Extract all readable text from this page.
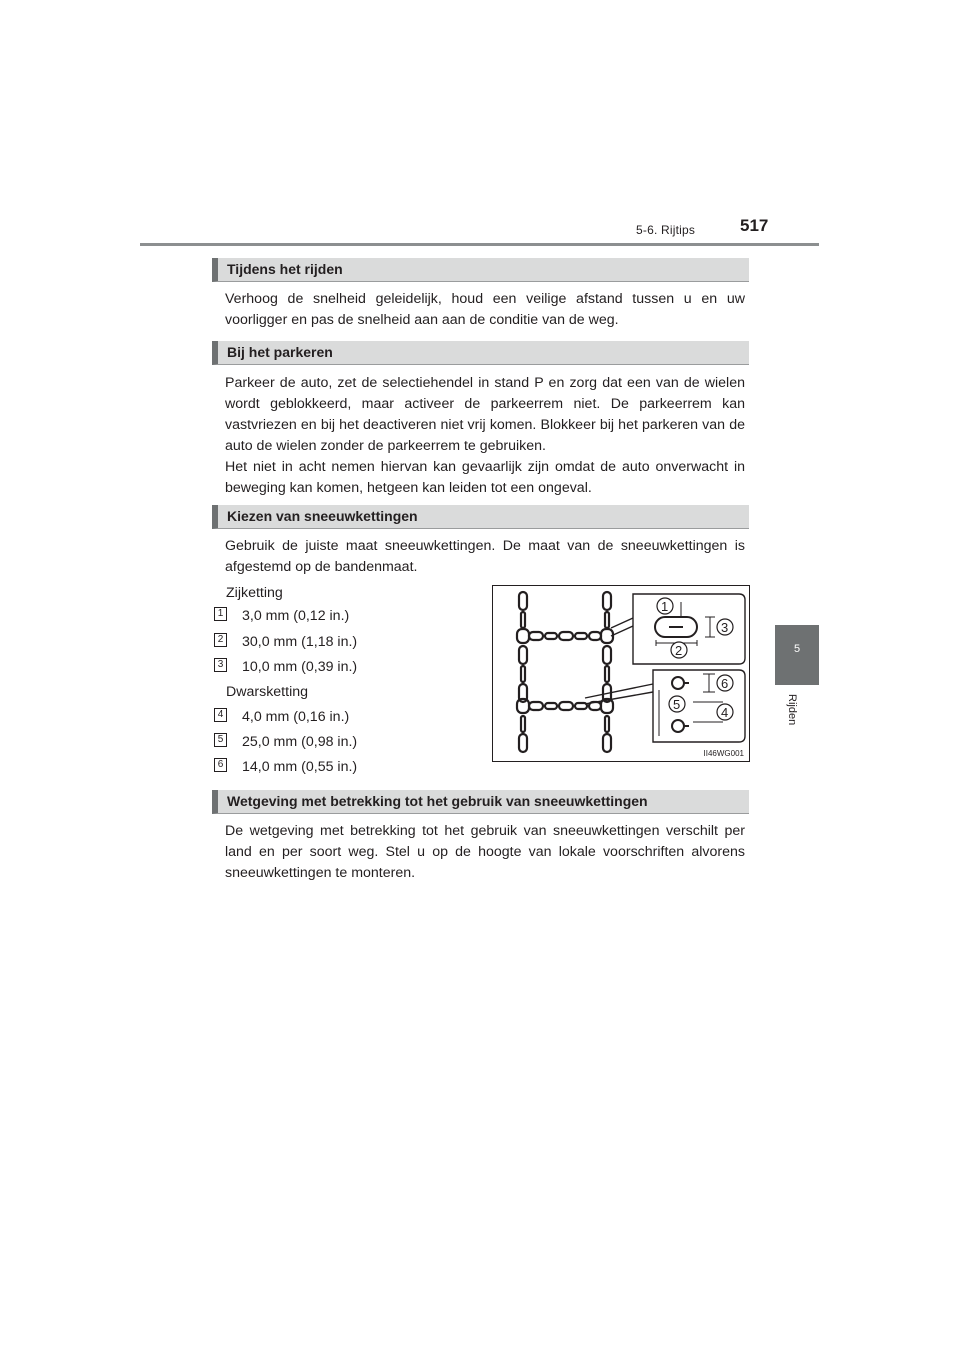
517
5-6. Rijtips
5
Rijden
Tijdens het rijden

Verhoog de snelheid geleidelijk, houd een veilige afstand tussen u en uw voorligger en pas de snelheid aan aan de conditie van de weg.

Bij het parkeren

Parkeer de auto, zet de selectiehendel in stand P en zorg dat een van de wielen wordt geblokkeerd, maar activeer de parkeerrem niet. De parkeerrem kan vastvriezen en bij het deactiveren niet vrij komen. Blokkeer bij het parkeren van de auto de wielen zonder de parkeerrem te gebruiken.

Het niet in acht nemen hiervan kan gevaarlijk zijn omdat de auto onverwacht in beweging kan komen, hetgeen kan leiden tot een ongeval.

Kiezen van sneeuwkettingen

Gebruik de juiste maat sneeuwkettingen. De maat van de sneeuwkettingen is afgestemd op de bandenmaat.

Zijketting
1 3,0 mm (0,12 in.)
2 30,0 mm (1,18 in.)
3 10,0 mm (0,39 in.)
Dwarsketting
4 4,0 mm (0,16 in.)
5 25,0 mm (0,98 in.)
6 14,0 mm (0,55 in.)
1
2
3
4
5
6
II46WG001
Wetgeving met betrekking tot het gebruik van sneeuwkettingen

De wetgeving met betrekking tot het gebruik van sneeuwkettingen verschilt per land en per soort weg. Stel u op de hoogte van lokale voorschriften alvorens sneeuwkettingen te monteren.
